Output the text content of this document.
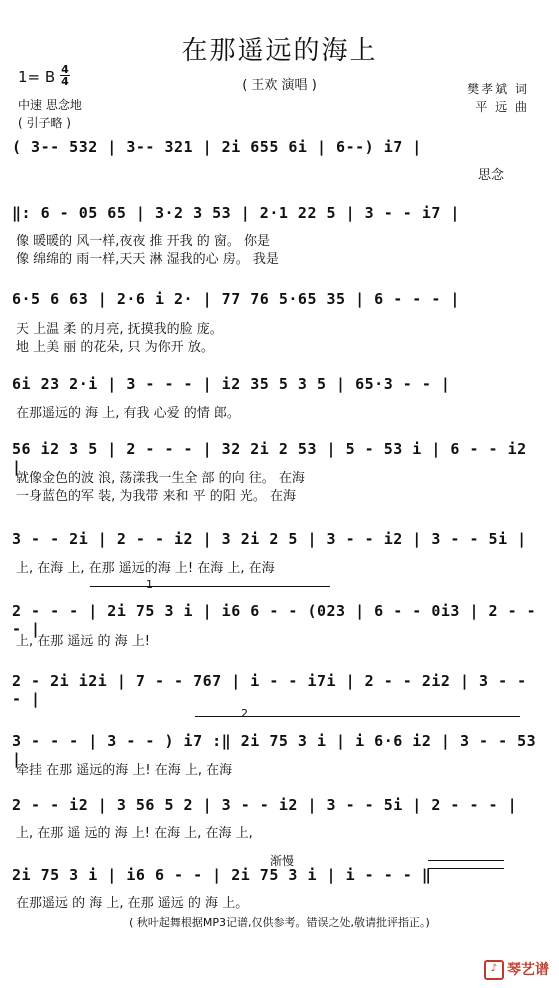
在那遥远的海上
1= B 4
4	( 王欢 演唱 )	樊孝斌 词
平 远 曲
中速 思念地
( 引子略 )
( 3-- 532 | 3-- 321 | 2i 655 6i | 6--) i7 |
思念
‖: 6 - 05 65 | 3·2 3 53 | 2·1 22 5 | 3 - - i7 |
像 暖暖的 风一样,夜夜 推 开我 的 窗。 你是
像 绵绵的 雨一样,天天 淋 湿我的心 房。 我是
6·5 6 63 | 2·6 i 2· | 77 76 5·65 35 | 6 - - - |
天 上温 柔 的月亮, 抚摸我的脸 庞。
地 上美 丽 的花朵, 只 为你开 放。
6i 23 2·i | 3 - - - | i2 35 5 3 5 | 65·3 - - |
在那遥远的 海 上, 有我 心爱 的情 郎。
56 i2 3 5 | 2 - - - | 32 2i 2 53 | 5 - 53 i | 6 - - i2 |
就像金色的波 浪, 荡漾我一生全 部 的向 往。 在海
一身蓝色的军 装, 为我带 来和 平 的阳 光。 在海
3 - - 2i | 2 - - i2 | 3 2i 2 5 | 3 - - i2 | 3 - - 5i |
上, 在海 上, 在那 遥远的海 上! 在海 上, 在海
1
2 - - - | 2i 75 3 i | i6 6 - - (023 | 6 - - 0i3 | 2 - - - |
上, 在那 遥远 的 海 上!
2 - 2i i2i | 7 - - 767 | i - - i7i | 2 - - 2i2 | 3 - - - |
2
3 - - - | 3 - - ) i7 :‖ 2i 75 3 i | i 6·6 i2 | 3 - - 53 |
牵挂 在那 遥远的海 上! 在海 上, 在海
2 - - i2 | 3 56 5 2 | 3 - - i2 | 3 - - 5i | 2 - - - |
上, 在那 遥 远的 海 上! 在海 上, 在海 上,
渐慢
2i 75 3 i | i6 6 - - | 2i 75 3 i | i - - - ‖
在那遥远 的 海 上, 在那 遥远 的 海 上。
( 秋叶起舞根据MP3记谱,仅供参考。错误之处,敬请批评指正。)
♪ 琴艺谱
